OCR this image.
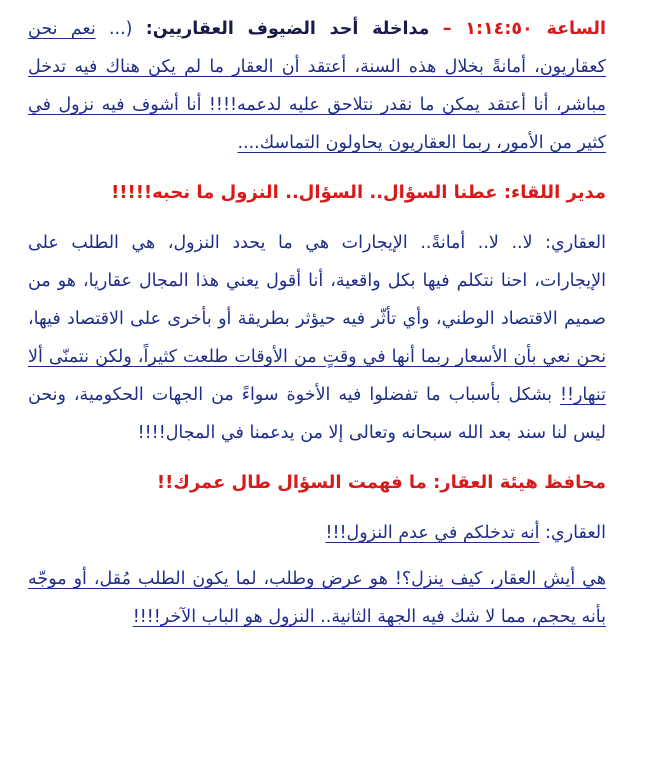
الساعة ١:١٤:٥٠ – مداخلة أحد الضيوف العقاريين: (... نعم نحن كعقاريون، أمانةً بخلال هذه السنة، أعتقد أن العقار ما لم يكن هناك فيه تدخل مباشر، أنا أعتقد يمكن ما نقدر نتلاحق عليه لدعمه!!!! أنا أشوف فيه نزول في كثير من الأمور، ربما العقاريون يحاولون التماسك....

مدير اللقاء: عطنا السؤال.. السؤال.. النزول ما نحبه!!!!!

العقاري: لا.. لا.. أمانةً.. الإيجارات هي ما يحدد النزول، هي الطلب على الإيجارات، احنا نتكلم فيها بكل واقعية، أنا أقول يعني هذا المجال عقاريا، هو من صميم الاقتصاد الوطني، وأي تأثّر فيه حيؤثر بطريقة أو بأخرى على الاقتصاد فيها، نحن نعي بأن الأسعار ربما أنها في وقتٍ من الأوقات طلعت كثيراً، ولكن نتمنّى ألا تنهار!! بشكل بأسباب ما تفضلوا فيه الأخوة سواءً من الجهات الحكومية، ونحن ليس لنا سند بعد الله سبحانه وتعالى إلا من يدعمنا في المجال!!!!

محافظ هيئة العقار: ما فهمت السؤال طال عمرك!!

العقاري: أنه تدخلكم في عدم النزول!!!

هي أيش العقار، كيف ينزل؟! هو عرض وطلب، لما يكون الطلب مُقل، أو موجّه بأنه يحجم، مما لا شك فيه الجهة الثانية.. النزول هو الباب الآخر!!!!
